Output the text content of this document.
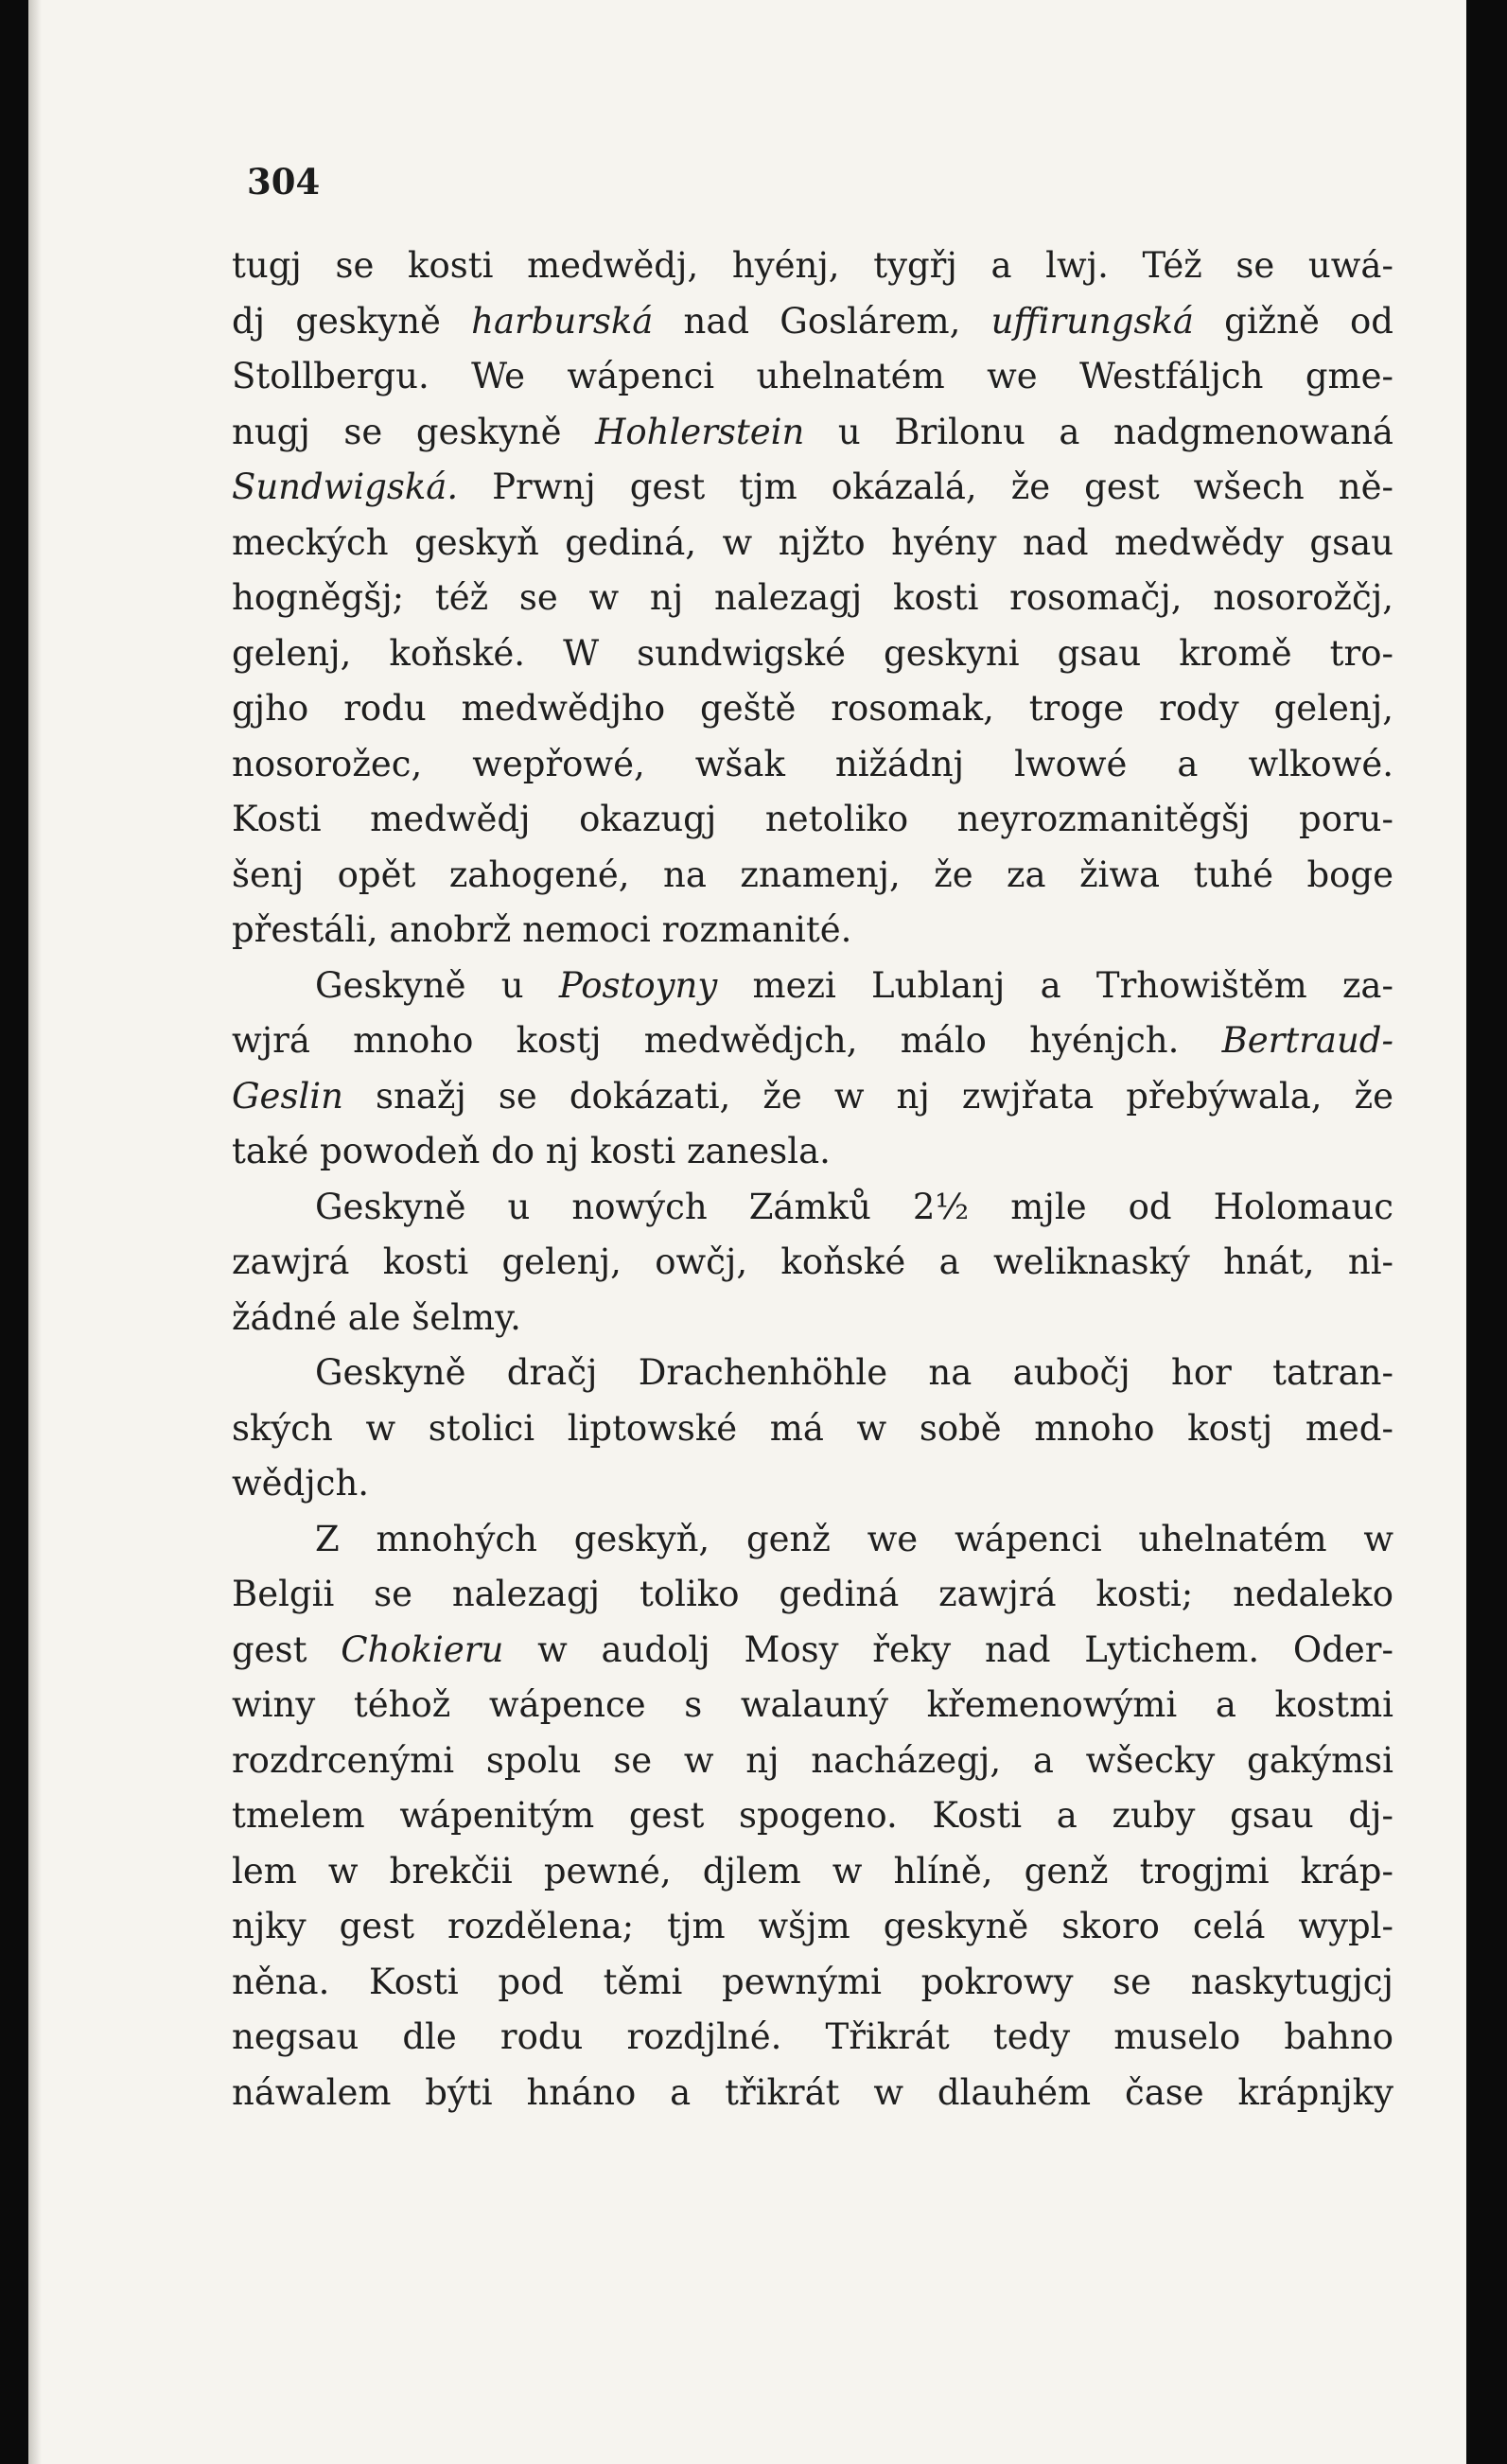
304

tugj se kosti medwědj, hyénj, tygřj a lwj. Též se uwá-
dj geskyně harburská nad Goslárem, uffirungská gižně od
Stollbergu. We wápenci uhelnatém we Westfáljch gme-
nugj se geskyně Hohlerstein u Brilonu a nadgmenowaná
Sundwigská. Prwnj gest tjm okázalá, že gest wšech ně-
meckých geskyň gediná, w njžto hyény nad medwědy gsau
hogněgšj; též se w nj nalezagj kosti rosomačj, nosorožčj,
gelenj, koňské. W sundwigské geskyni gsau kromě tro-
gjho rodu medwědjho geště rosomak, troge rody gelenj,
nosorožec, wepřowé, wšak nižádnj lwowé a wlkowé.
Kosti medwědj okazugj netoliko neyrozmanitěgšj poru-
šenj opět zahogené, na znamenj, že za žiwa tuhé boge
přestáli, anobrž nemoci rozmanité.
Geskyně u Postoyny mezi Lublanj a Trhowištěm za-
wjrá mnoho kostj medwědjch, málo hyénjch. Bertraud-
Geslin snažj se dokázati, že w nj zwjřata přebýwala, že
také powodeň do nj kosti zanesla.
Geskyně u nowých Zámků 2½ mjle od Holomauc
zawjrá kosti gelenj, owčj, koňské a weliknaský hnát, ni-
žádné ale šelmy.
Geskyně dračj Drachenhöhle na aubočj hor tatran-
ských w stolici liptowské má w sobě mnoho kostj med-
wědjch.
Z mnohých geskyň, genž we wápenci uhelnatém w
Belgii se nalezagj toliko gediná zawjrá kosti; nedaleko
gest Chokieru w audolj Mosy řeky nad Lytichem. Oder-
winy téhož wápence s walauný křemenowými a kostmi
rozdrcenými spolu se w nj nacházegj, a wšecky gakýmsi
tmelem wápenitým gest spogeno. Kosti a zuby gsau dj-
lem w brekčii pewné, djlem w hlíně, genž trogjmi kráp-
njky gest rozdělena; tjm wšjm geskyně skoro celá wypl-
něna. Kosti pod těmi pewnými pokrowy se naskytugjcj
negsau dle rodu rozdjlné. Třikrát tedy muselo bahno
náwalem býti hnáno a třikrát w dlauhém čase krápnjky
